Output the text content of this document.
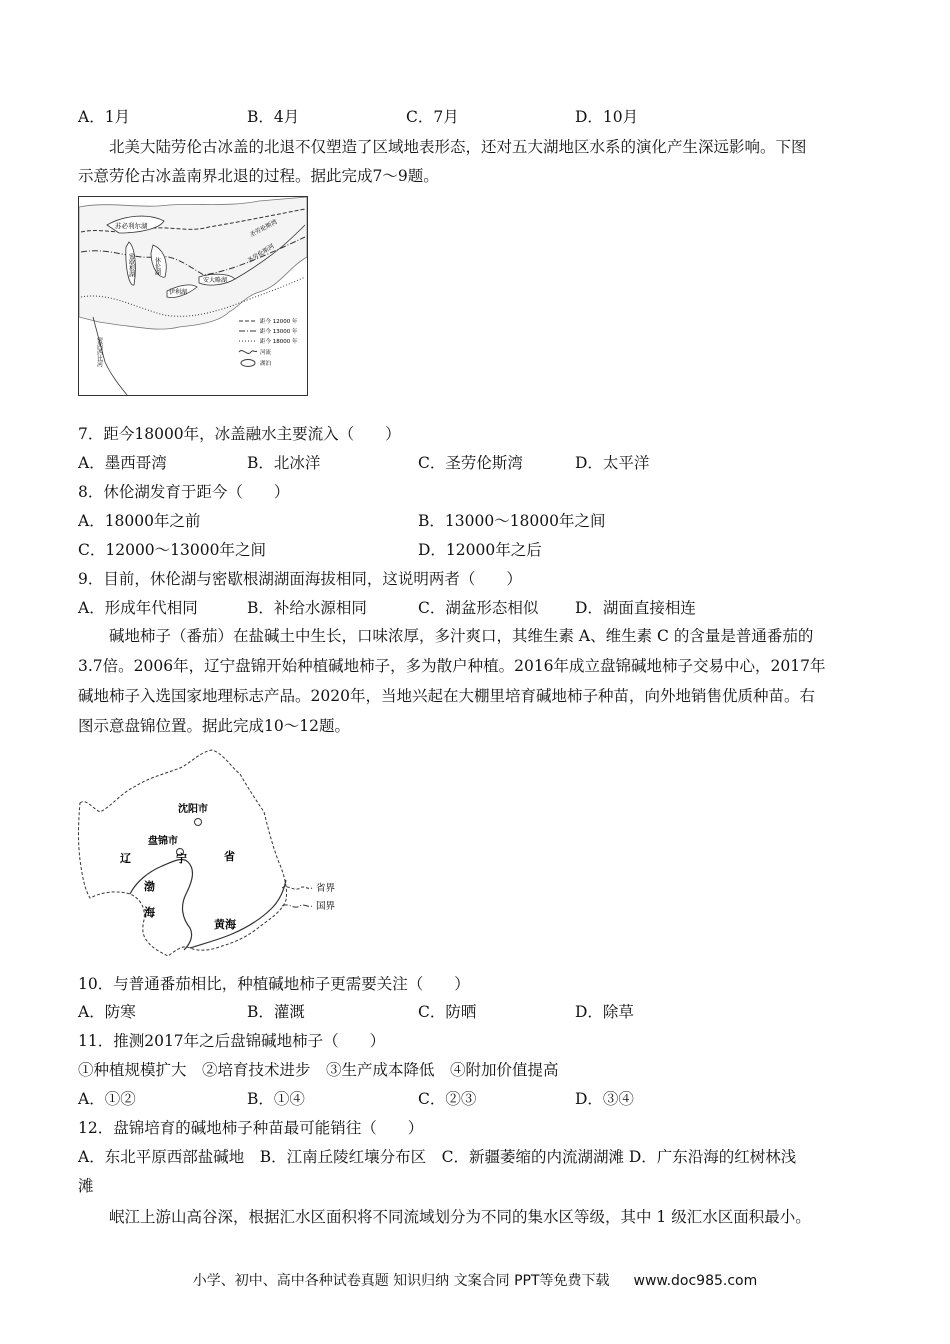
A．1月	B．4月	C．7月	D．10月
北美大陆劳伦古冰盖的北退不仅塑造了区域地表形态，还对五大湖地区水系的演化产生深远影响。下图
示意劳伦古冰盖南界北退的过程。据此完成7～9题。
苏必利尔湖
密歇根湖	休伦湖
伊利湖
安大略湖
圣劳伦斯河
圣劳伦斯湾
密西西比河
距今 12000 年
距今 13000 年
距今 18000 年
河流
湖泊
7．距今18000年，冰盖融水主要流入（　　）
A．墨西哥湾	B．北冰洋	C．圣劳伦斯湾	D．太平洋
8．休伦湖发育于距今（　　）
A．18000年之前	B．13000～18000年之间
C．12000～13000年之间	D．12000年之后
9．目前，休伦湖与密歇根湖湖面海拔相同，这说明两者（　　）
A．形成年代相同	B．补给水源相同	C．湖盆形态相似 D．湖面直接相连
碱地柿子（番茄）在盐碱土中生长，口味浓厚，多汁爽口，其维生素 A、维生素 C 的含量是普通番茄的
3.7倍。2006年，辽宁盘锦开始种植碱地柿子，多为散户种植。2016年成立盘锦碱地柿子交易中心，2017年
碱地柿子入选国家地理标志产品。2020年，当地兴起在大棚里培育碱地柿子种苗，向外地销售优质种苗。右
图示意盘锦位置。据此完成10～12题。
沈阳市
盘锦市
辽	宁	省
渤
海
黄海
省界
国界
10．与普通番茄相比，种植碱地柿子更需要关注（　　）
A．防寒	B．灌溉	C．防晒	D．除草
11．推测2017年之后盘锦碱地柿子（　　）
①种植规模扩大　②培育技术进步　③生产成本降低　④附加价值提高
A．①②	B．①④	C．②③	D．③④
12．盘锦培育的碱地柿子种苗最可能销往（　　）
A．东北平原西部盐碱地　B．江南丘陵红壤分布区　C．新疆萎缩的内流湖湖滩 D．广东沿海的红树林浅
滩
岷江上游山高谷深，根据汇水区面积将不同流域划分为不同的集水区等级，其中 1 级汇水区面积最小。
小学、初中、高中各种试卷真题 知识归纳 文案合同 PPT等免费下载 www.doc985.com
